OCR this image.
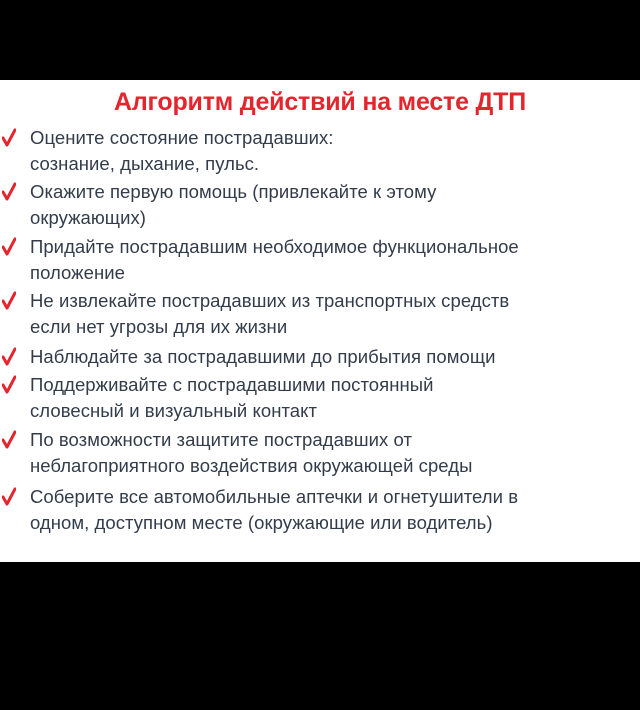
Алгоритм действий на месте ДТП
Оцените состояние пострадавших:
сознание, дыхание, пульс.
Окажите первую помощь (привлекайте к этому
окружающих)
Придайте пострадавшим необходимое функциональное
положение
Не извлекайте пострадавших из транспортных средств
если нет угрозы для их жизни
Наблюдайте за пострадавшими до прибытия помощи
Поддерживайте с пострадавшими постоянный
словесный и визуальный контакт
По возможности защитите пострадавших от
неблагоприятного воздействия окружающей среды
Соберите все автомобильные аптечки и огнетушители в
одном, доступном месте (окружающие или водитель)
